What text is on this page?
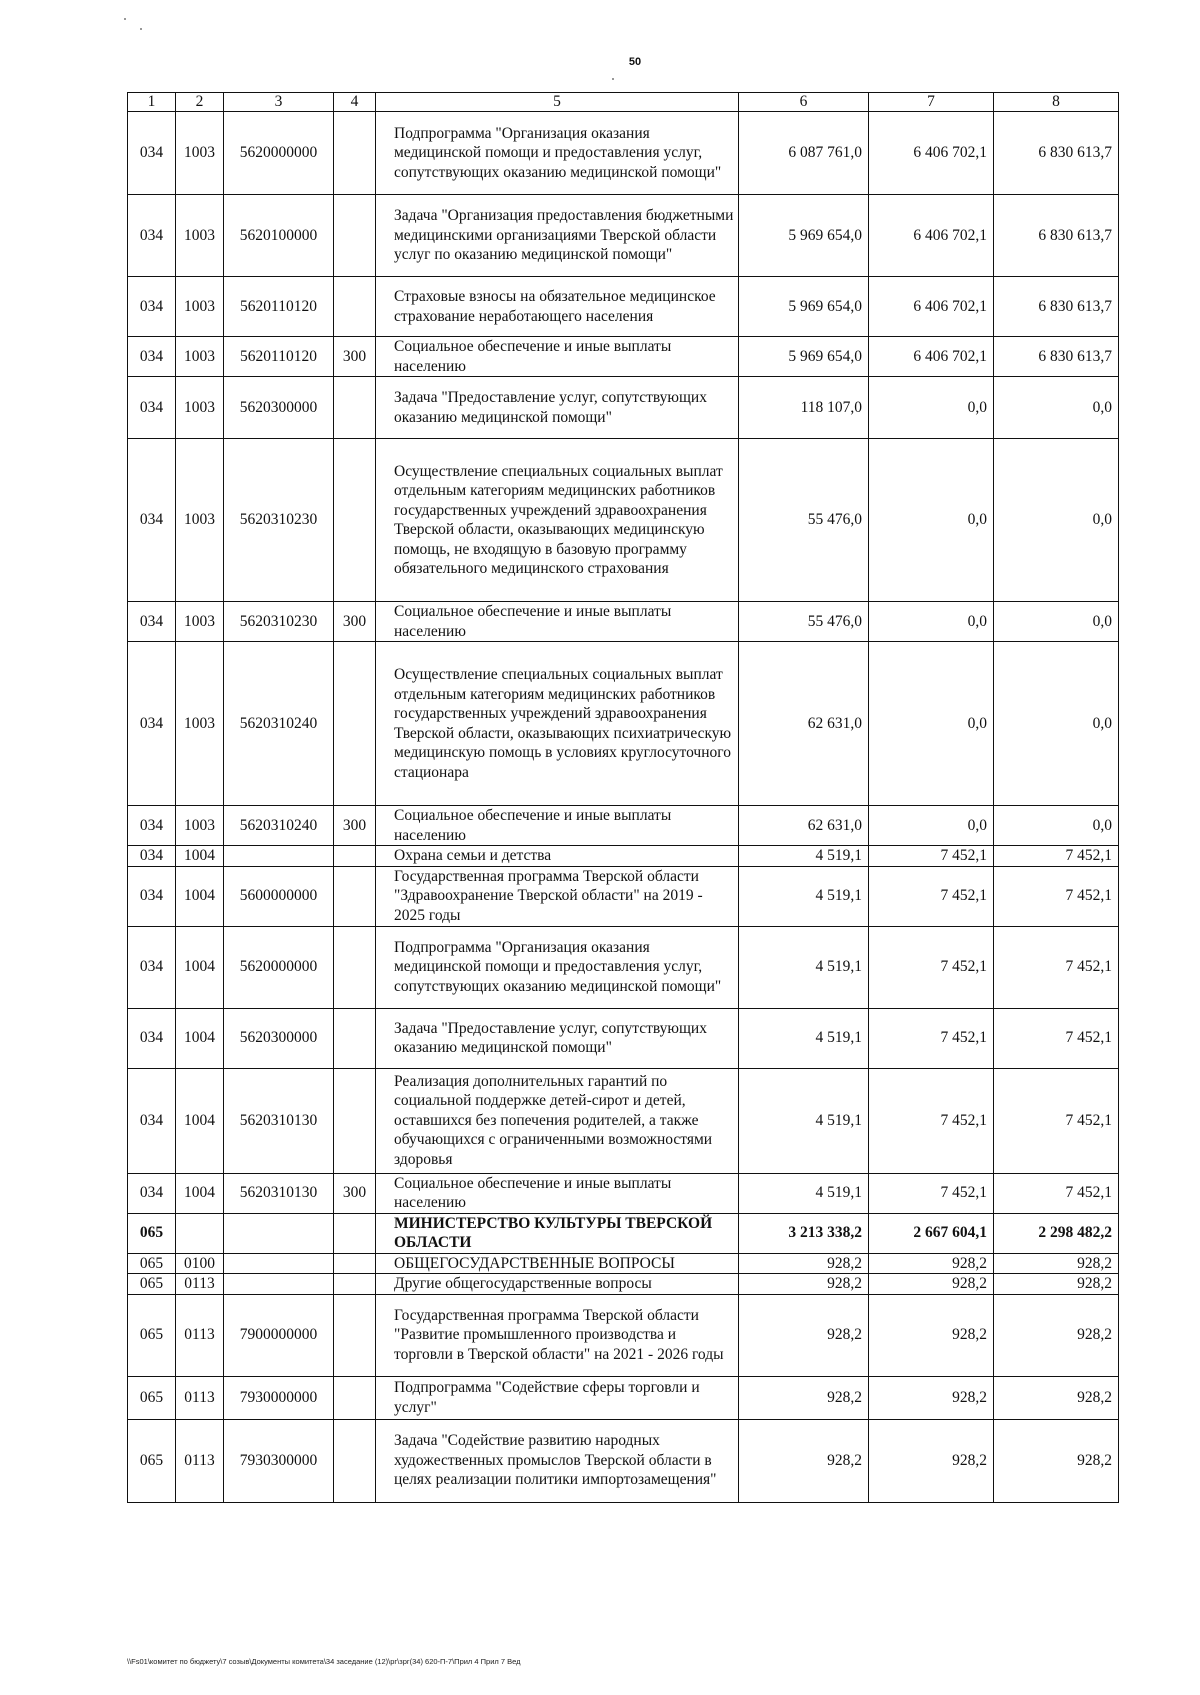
50
1	2	3	4	5	6	7	8
034	1003	5620000000		Подпрограмма "Организация оказания медицинской помощи и предоставления услуг, сопутствующих оказанию медицинской помощи"	6 087 761,0	6 406 702,1	6 830 613,7
034	1003	5620100000		Задача "Организация предоставления бюджетными медицинскими организациями Тверской области услуг по оказанию медицинской помощи"	5 969 654,0	6 406 702,1	6 830 613,7
034	1003	5620110120		Страховые взносы на обязательное медицинское страхование неработающего населения	5 969 654,0	6 406 702,1	6 830 613,7
034	1003	5620110120	300	Социальное обеспечение и иные выплаты населению	5 969 654,0	6 406 702,1	6 830 613,7
034	1003	5620300000		Задача "Предоставление услуг, сопутствующих оказанию медицинской помощи"	118 107,0	0,0	0,0
034	1003	5620310230		Осуществление специальных социальных выплат отдельным категориям медицинских работников государственных учреждений здравоохранения Тверской области, оказывающих медицинскую помощь, не входящую в базовую программу обязательного медицинского страхования	55 476,0	0,0	0,0
034	1003	5620310230	300	Социальное обеспечение и иные выплаты населению	55 476,0	0,0	0,0
034	1003	5620310240		Осуществление специальных социальных выплат отдельным категориям медицинских работников государственных учреждений здравоохранения Тверской области, оказывающих психиатрическую медицинскую помощь в условиях круглосуточного стационара	62 631,0	0,0	0,0
034	1003	5620310240	300	Социальное обеспечение и иные выплаты населению	62 631,0	0,0	0,0
034	1004			Охрана семьи и детства	4 519,1	7 452,1	7 452,1
034	1004	5600000000		Государственная программа Тверской области "Здравоохранение Тверской области" на 2019 - 2025 годы	4 519,1	7 452,1	7 452,1
034	1004	5620000000		Подпрограмма "Организация оказания медицинской помощи и предоставления услуг, сопутствующих оказанию медицинской помощи"	4 519,1	7 452,1	7 452,1
034	1004	5620300000		Задача "Предоставление услуг, сопутствующих оказанию медицинской помощи"	4 519,1	7 452,1	7 452,1
034	1004	5620310130		Реализация дополнительных гарантий по социальной поддержке детей-сирот и детей, оставшихся без попечения родителей, а также обучающихся с ограниченными возможностями здоровья	4 519,1	7 452,1	7 452,1
034	1004	5620310130	300	Социальное обеспечение и иные выплаты населению	4 519,1	7 452,1	7 452,1
065				МИНИСТЕРСТВО КУЛЬТУРЫ ТВЕРСКОЙ ОБЛАСТИ	3 213 338,2	2 667 604,1	2 298 482,2
065	0100			ОБЩЕГОСУДАРСТВЕННЫЕ ВОПРОСЫ	928,2	928,2	928,2
065	0113			Другие общегосударственные вопросы	928,2	928,2	928,2
065	0113	7900000000		Государственная программа Тверской области "Развитие промышленного производства и торговли в Тверской области" на 2021 - 2026 годы	928,2	928,2	928,2
065	0113	7930000000		Подпрограмма "Содействие сферы торговли и услуг"	928,2	928,2	928,2
065	0113	7930300000		Задача "Содействие развитию народных художественных промыслов Тверской области в целях реализации политики импортозамещения"	928,2	928,2	928,2
\\Fs01\комитет по бюджету\7 созыв\Документы комитета\34 заседание (12)\рг\зрг(34) 620-П-7\Прил 4 Прил 7 Вед
